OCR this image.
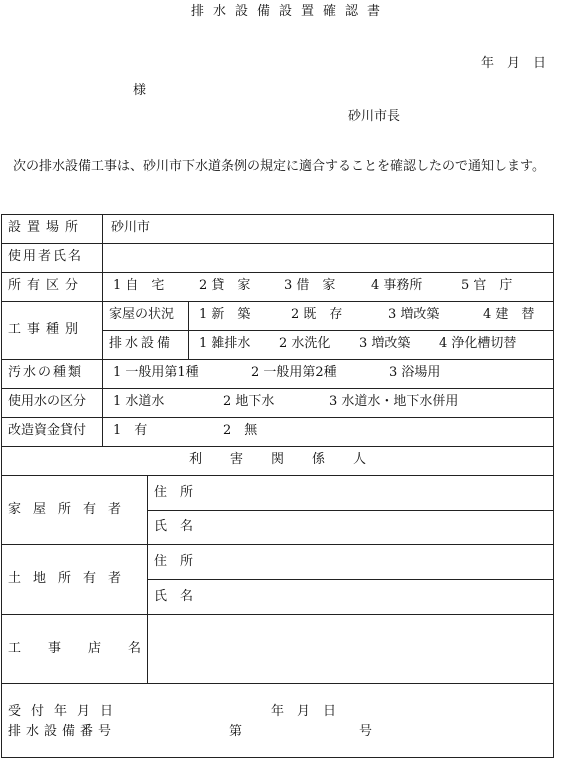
排水設備設置確認書
年　月　日
様
砂川市長
次の排水設備工事は、砂川市下水道条例の規定に適合することを確認したので通知します。
設置場所 砂川市
使用者氏名
所有区分 1 自　宅	2 貸　家	3 借　家	4 事務所	5 官　庁
工事種別
家屋の状況 1 新　築	2 既　存	3 増改築	4 建　替
排水設備 1 雑排水 2 水洗化 3 増改築 4 浄化槽切替
汚水の種類 1 一般用第1種	2 一般用第2種	3 浴場用
使用水の区分 1 水道水	2 地下水	3 水道水・地下水併用
改造資金貸付 1　有	2　無
利害関係人
家屋所有者
住所
氏名
土地所有者
住所
氏名
工事店名
受付年月日	年　月　日
排水設備番号	第	号
